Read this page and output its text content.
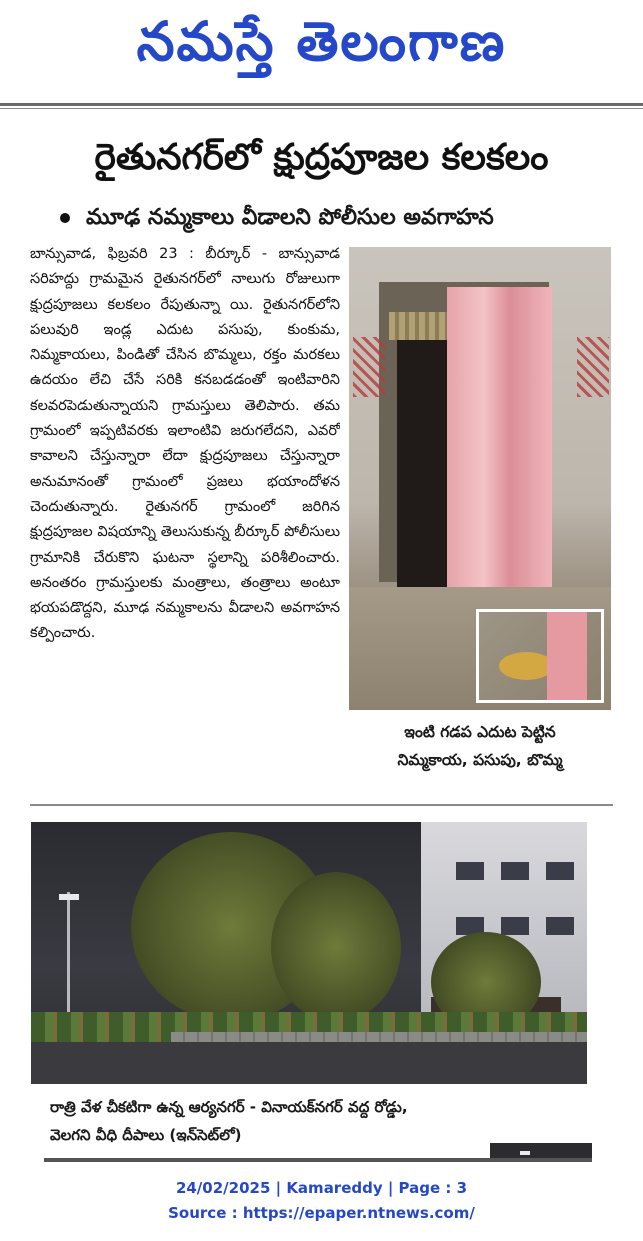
నమస్తే తెలంగాణ
రైతునగర్‌లో క్షుద్రపూజల కలకలం
మూఢ నమ్మకాలు వీడాలని పోలీసుల అవగాహన
బాన్సువాడ, ఫిబ్రవరి 23 : బీర్కూర్ - బాన్సువాడ సరిహద్దు గ్రామమైన రైతునగర్‌లో నాలుగు రోజులుగా క్షుద్రపూజలు కలకలం రేపుతున్నా యి. రైతునగర్‌లోని పలువురి ఇండ్ల ఎదుట పసుపు, కుంకుమ, నిమ్మకాయలు, పిండితో చేసిన బొమ్మలు, రక్తం మరకలు ఉదయం లేచి చేసే సరికి కనబడడంతో ఇంటివారిని కలవరపెడుతున్నాయని గ్రామస్తులు తెలిపారు. తమ గ్రామంలో ఇప్పటివరకు ఇలాంటివి జరుగలేదని, ఎవరో కావాలని చేస్తున్నారా లేదా క్షుద్రపూజలు చేస్తున్నారా అనుమానంతో గ్రామంలో ప్రజలు భయాందోళన చెందుతున్నారు. రైతునగర్ గ్రామంలో జరిగిన క్షుద్రపూజల విషయాన్ని తెలుసుకున్న బీర్కూర్ పోలీసులు గ్రామానికి చేరుకొని ఘటనా స్థలాన్ని పరిశీలించారు. అనంతరం గ్రామస్తులకు మంత్రాలు, తంత్రాలు అంటూ భయపడొద్దని, మూఢ నమ్మకాలను వీడాలని అవగాహన కల్పించారు.
ఇంటి గడప ఎదుట పెట్టిన
నిమ్మకాయ, పసుపు, బొమ్మ
రాత్రి వేళ చీకటిగా ఉన్న ఆర్యనగర్ - వినాయక్‌నగర్ వద్ద రోడ్డు,
వెలగని వీధి దీపాలు (ఇన్‌సెట్‌లో)
24/02/2025 | Kamareddy | Page : 3
Source : https://epaper.ntnews.com/
